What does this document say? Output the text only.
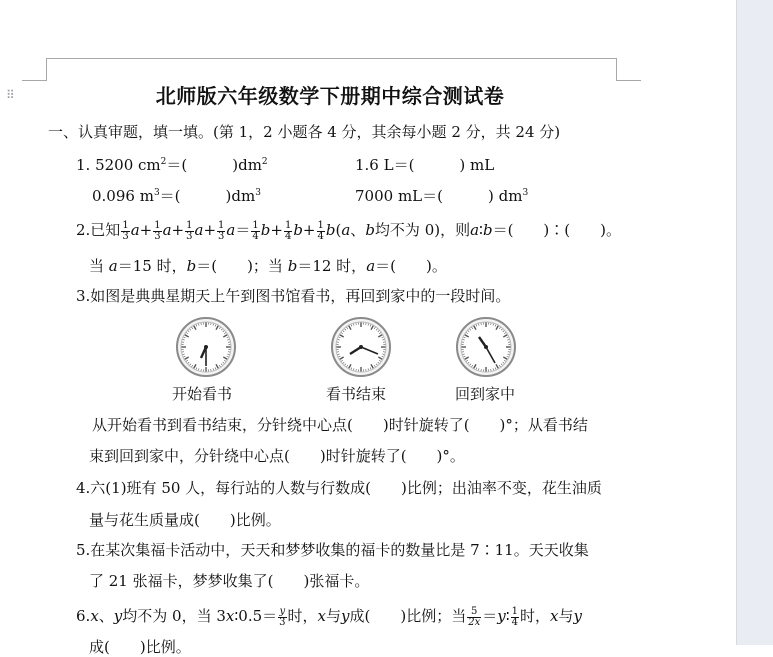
⠿	北师版六年级数学下册期中综合测试卷
一、认真审题，填一填。(第 1，2 小题各 4 分，其余每小题 2 分，共 24 分)
1. 5200 $cm^2=$(　　　)$dm^2$	1.6 L＝(　　　) mL
0.096 $m^3=$(　　　)$dm^3$	7000 mL＝(　　　) $dm^3$
2.已知 $\frac{1}{3} a+ \frac{1}{3} a+ \frac{1}{3} a+ \frac{1}{3} a= \frac{1}{4} b+ \frac{1}{4} b+ \frac{1}{4} b(a$、b均不为 0)，则a∶b＝(　　)∶(　　)。
当 a＝15 时，b＝(　　)；当 b＝12 时，a＝(　　)。
3.如图是典典星期天上午到图书馆看书，再回到家中的一段时间。
开始看书	看书结束	回到家中
从开始看书到看书结束，分针绕中心点(　　)时针旋转了(　　)°；从看书结
束到回到家中，分针绕中心点(　　)时针旋转了(　　)°。
4.六(1)班有 50 人，每行站的人数与行数成(　　)比例；出油率不变，花生油质
量与花生质量成(　　)比例。
5.在某次集福卡活动中，天天和梦梦收集的福卡的数量比是 7∶11。天天收集
了 21 张福卡，梦梦收集了(　　)张福卡。
6.x、y均不为 0，当 3x∶0.5＝ $\frac{y}{3}$ 时，x与y成(　　)比例；当 $\frac{5}{2x}$ ＝y∶ $\frac{1}{4}$ 时，x与y
成(　　)比例。
